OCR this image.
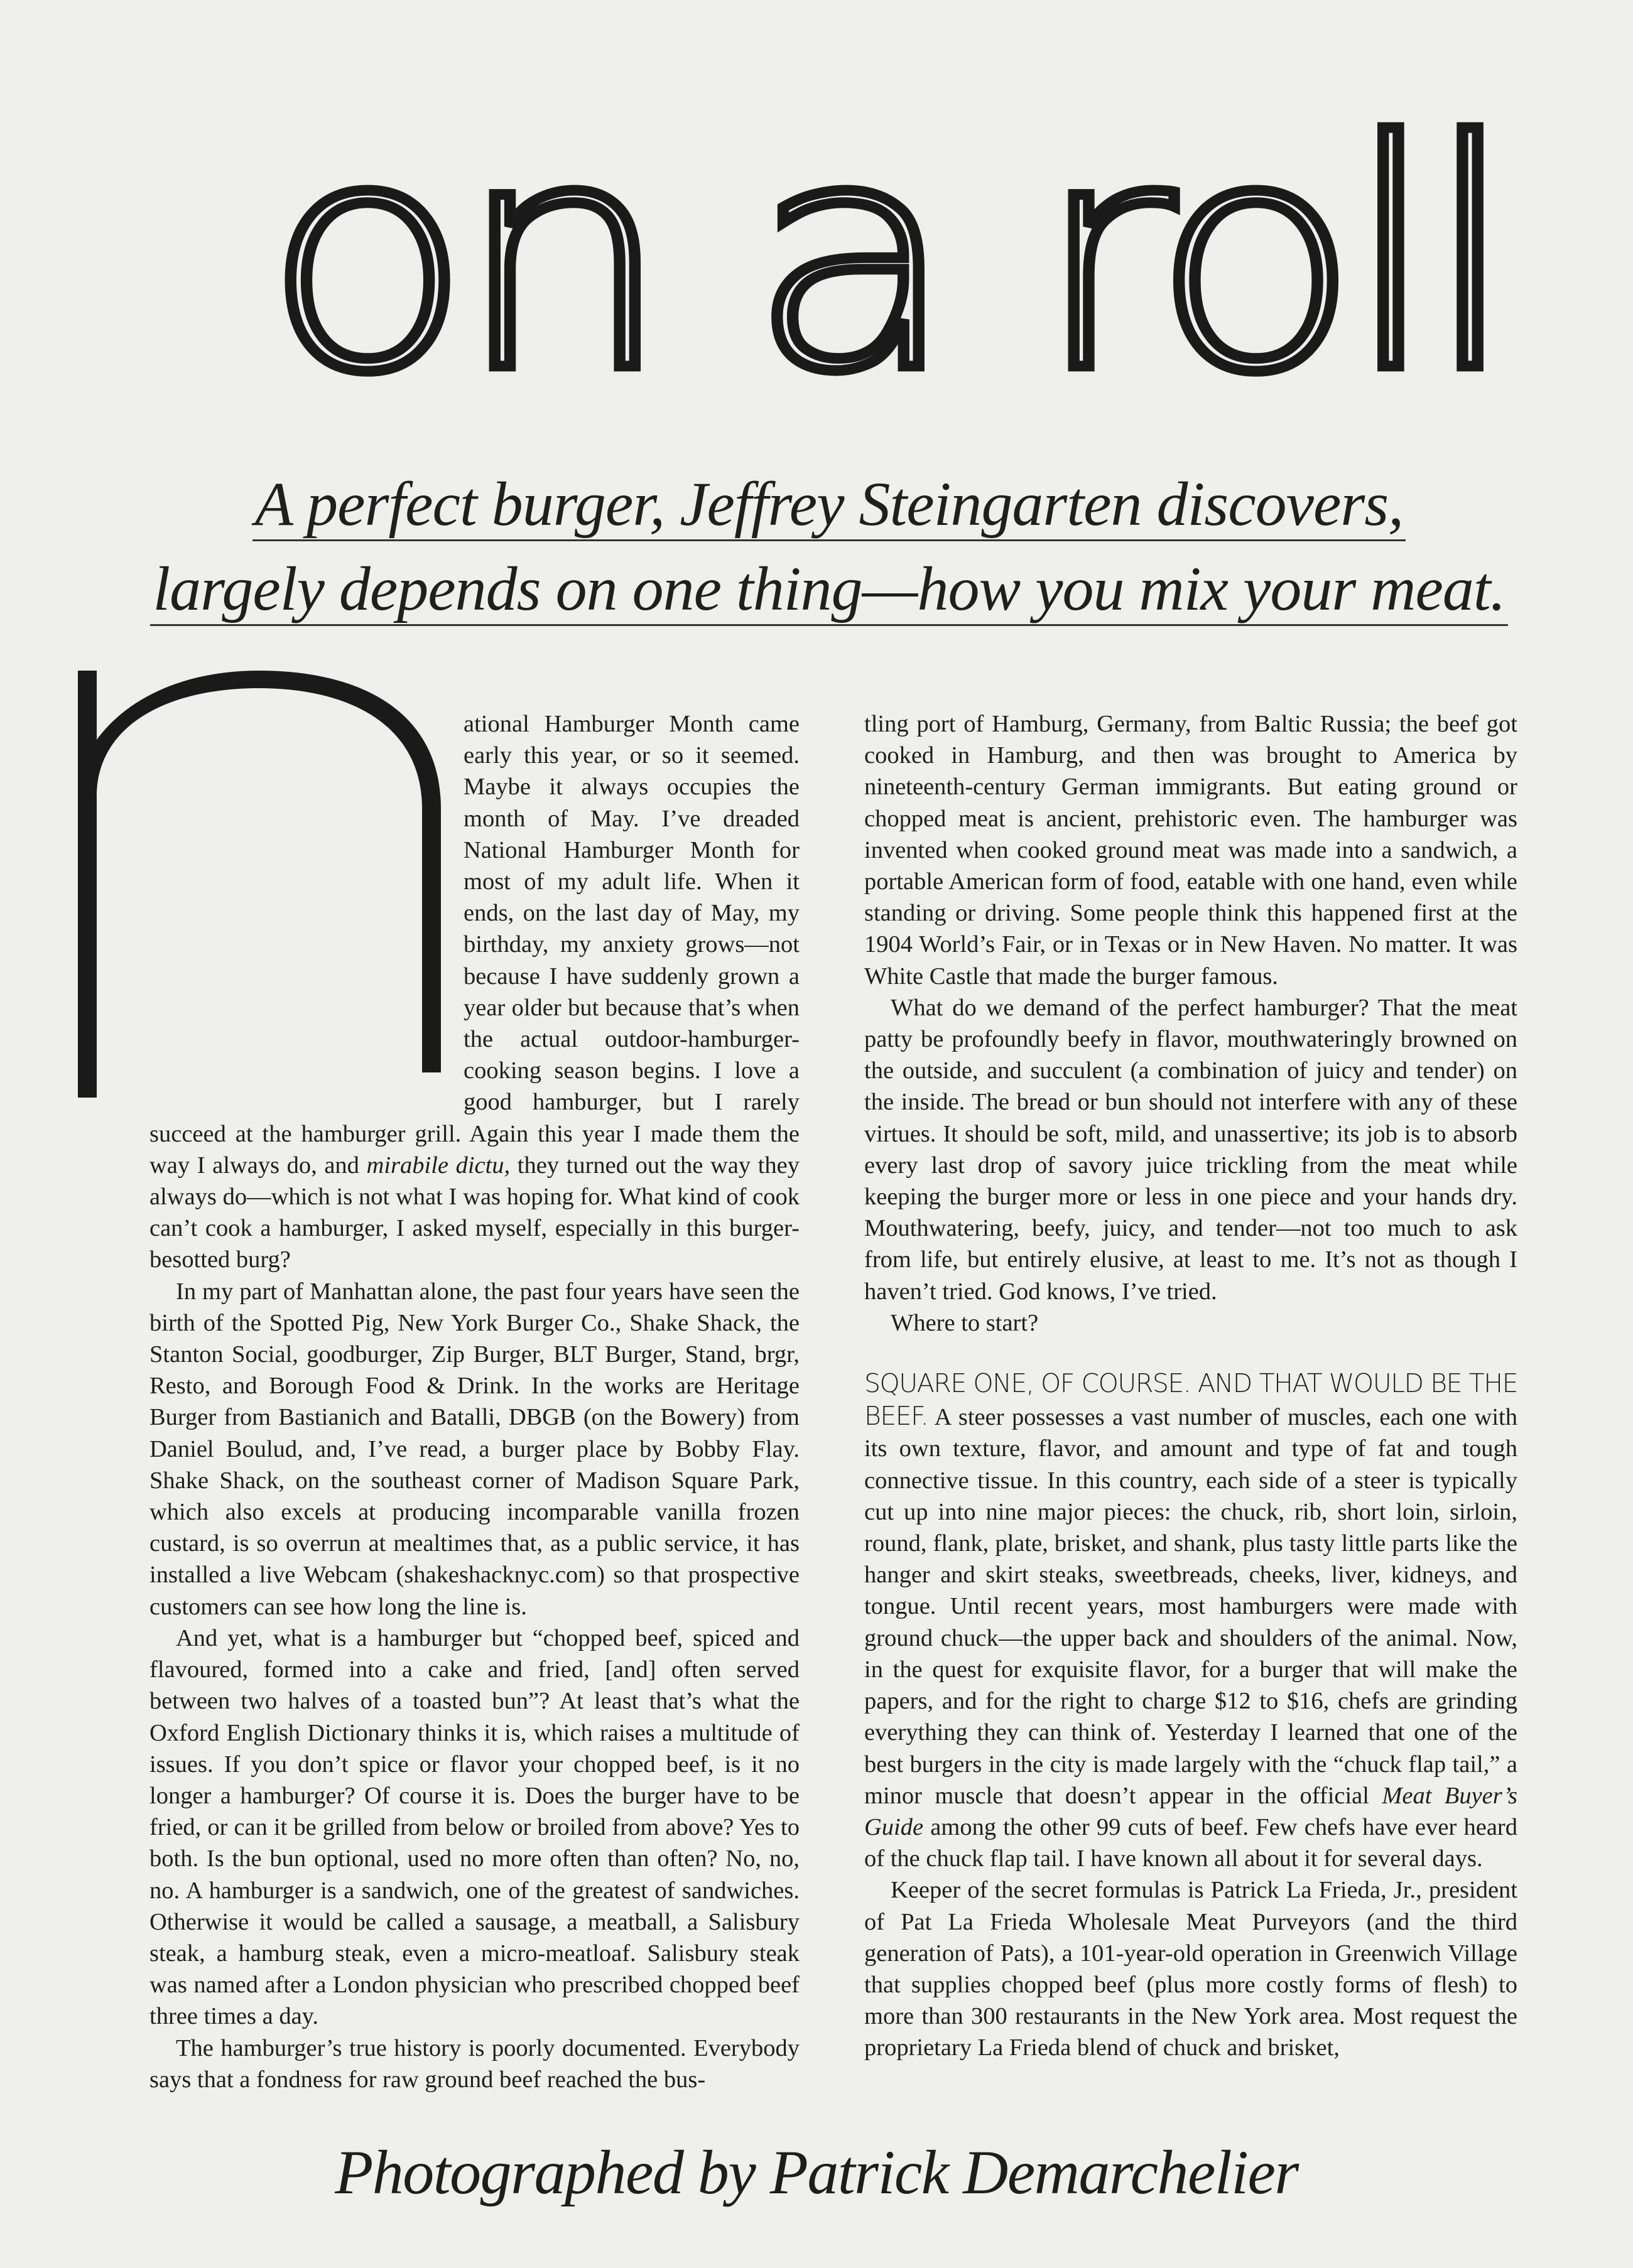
on a roll
A perfect burger, Jeffrey Steingarten discovers,
largely depends on one thing—how you mix your meat.

ational Hamburger Month came early this year, or so it seemed. Maybe it always occupies the month of May. I’ve dreaded National Hamburger Month for most of my adult life. When it ends, on the last day of May, my birthday, my anxiety grows—not because I have suddenly grown a year older but because that’s when the actual outdoor-hamburger-cooking season begins. I love a good hamburger, but I rarely succeed at the hamburger grill. Again this year I made them the way I always do, and mirabile dictu, they turned out the way they always do—which is not what I was hoping for. What kind of cook can’t cook a hamburger, I asked myself, especially in this burger-besotted burg?

In my part of Manhattan alone, the past four years have seen the birth of the Spotted Pig, New York Burger Co., Shake Shack, the Stanton Social, goodburger, Zip Burger, BLT Burger, Stand, brgr, Resto, and Borough Food & Drink. In the works are Heritage Burger from Bastianich and Batalli, DBGB (on the Bowery) from Daniel Boulud, and, I’ve read, a burger place by Bobby Flay. Shake Shack, on the southeast corner of Madison Square Park, which also excels at producing incomparable vanilla frozen custard, is so overrun at mealtimes that, as a public service, it has installed a live Webcam (shakeshacknyc.com) so that prospective customers can see how long the line is.

And yet, what is a hamburger but “chopped beef, spiced and flavoured, formed into a cake and fried, [and] often served between two halves of a toasted bun”? At least that’s what the Oxford English Dictionary thinks it is, which raises a multitude of issues. If you don’t spice or flavor your chopped beef, is it no longer a hamburger? Of course it is. Does the burger have to be fried, or can it be grilled from below or broiled from above? Yes to both. Is the bun optional, used no more often than often? No, no, no. A hamburger is a sandwich, one of the greatest of sandwiches. Otherwise it would be called a sausage, a meatball, a Salisbury steak, a hamburg steak, even a micro-meatloaf. Salisbury steak was named after a London physician who prescribed chopped beef three times a day.

The hamburger’s true history is poorly documented. Everybody says that a fondness for raw ground beef reached the bus-

tling port of Hamburg, Germany, from Baltic Russia; the beef got cooked in Hamburg, and then was brought to America by nineteenth-century German immigrants. But eating ground or chopped meat is ancient, prehistoric even. The hamburger was invented when cooked ground meat was made into a sandwich, a portable American form of food, eatable with one hand, even while standing or driving. Some people think this happened first at the 1904 World’s Fair, or in Texas or in New Haven. No matter. It was White Castle that made the burger famous.

What do we demand of the perfect hamburger? That the meat patty be profoundly beefy in flavor, mouthwateringly browned on the outside, and succulent (a combination of juicy and tender) on the inside. The bread or bun should not interfere with any of these virtues. It should be soft, mild, and unassertive; its job is to absorb every last drop of savory juice trickling from the meat while keeping the burger more or less in one piece and your hands dry. Mouthwatering, beefy, juicy, and tender—not too much to ask from life, but entirely elusive, at least to me. It’s not as though I haven’t tried. God knows, I’ve tried.

Where to start?

SQUARE ONE, OF COURSE. AND THAT WOULD BE THE BEEF. A steer possesses a vast number of muscles, each one with its own texture, flavor, and amount and type of fat and tough connective tissue. In this country, each side of a steer is typically cut up into nine major pieces: the chuck, rib, short loin, sirloin, round, flank, plate, brisket, and shank, plus tasty little parts like the hanger and skirt steaks, sweetbreads, cheeks, liver, kidneys, and tongue. Until recent years, most hamburgers were made with ground chuck—the upper back and shoulders of the animal. Now, in the quest for exquisite flavor, for a burger that will make the papers, and for the right to charge $12 to $16, chefs are grinding everything they can think of. Yesterday I learned that one of the best burgers in the city is made largely with the “chuck flap tail,” a minor muscle that doesn’t appear in the official Meat Buyer’s Guide among the other 99 cuts of beef. Few chefs have ever heard of the chuck flap tail. I have known all about it for several days.

Keeper of the secret formulas is Patrick La Frieda, Jr., president of Pat La Frieda Wholesale Meat Purveyors (and the third generation of Pats), a 101-year-old operation in Greenwich Village that supplies chopped beef (plus more costly forms of flesh) to more than 300 restaurants in the New York area. Most request the proprietary La Frieda blend of chuck and brisket,

Photographed by Patrick Demarchelier
